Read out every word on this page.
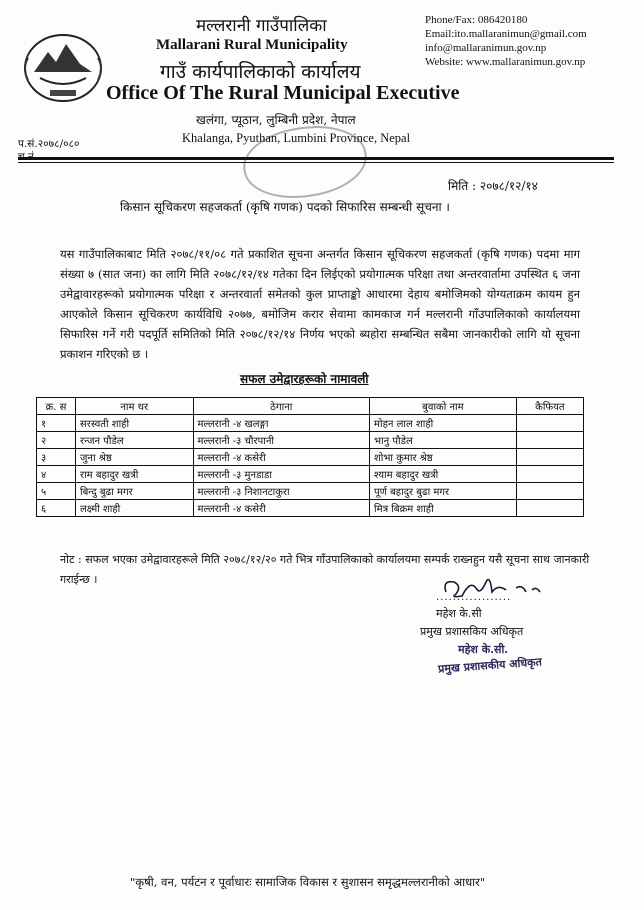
मल्लरानी गाउँपालिका
Mallarani Rural Municipality
गाउँ कार्यपालिकाको कार्यालय
Office Of The Rural Municipal Executive
खलंगा, प्यूठान, लुम्बिनी प्रदेश, नेपाल
Khalanga, Pyuthan, Lumbini Province, Nepal
Phone/Fax: 086420180
Email:ito.mallaranimun@gmail.com
info@mallaranimun.gov.np
Website: www.mallaranimun.gov.np
प.सं.२०७८/०८०
मिति : २०७८/१२/१४
किसान सूचिकरण सहजकर्ता (कृषि गणक) पदको सिफारिस सम्बन्धी सूचना ।
यस गाउँपालिकाबाट मिति २०७८/११/०८ गते प्रकाशित सूचना अन्तर्गत किसान सूचिकरण सहजकर्ता (कृषि गणक) पदमा माग संख्या ७ (सात जना) का लागि मिति २०७८/१२/१४ गतेका दिन लिईएको प्रयोगात्मक परिक्षा तथा अन्तरवार्तामा उपस्थित ६ जना उमेद्वावारहरूको प्रयोगात्मक परिक्षा र अन्तरवार्ता समेतको कुल प्राप्ताङ्को आधारमा देहाय बमोजिमको योग्यताक्रम कायम हुन आएकोले किसान सूचिकरण कार्यविधि २०७७, बमोजिम करार सेवामा कामकाज गर्न मल्लरानी गाँउपालिकाको कार्यालयमा सिफारिस गर्ने गरी पदपूर्ति समितिको मिति २०७८/१२/१४ निर्णय भएको ब्यहोरा सम्बन्धित सबैमा जानकारीको लागि यो सूचना प्रकाशन गरिएको छ ।
सफल उमेद्वारहरूको नामावली
क्र. स	नाम थर	ठेगाना	बुवाको नाम	कैफियत
१	सरस्वती शाही	मल्लरानी -४ खलङ्गा	मोहन लाल शाही	
२	रन्जन पौडेल	मल्लरानी -३ चौरपानी	भानु पौडेल	
३	जुना श्रेष्ठ	मल्लरानी -४ कसेरी	शोभा कुमार श्रेष्ठ	
४	राम बहादुर खत्री	मल्लरानी -३ मुनडाडा	श्याम बहादुर खत्री	
५	बिन्दु बुढा मगर	मल्लरानी -३ निशानटाकुरा	पूर्ण बहादुर बुढा मगर	
६	लक्ष्मी शाही	मल्लरानी -४ कसेरी	मित्र बिक्रम शाही	
नोट : सफल भएका उमेद्वावारहरूले मिति २०७८/१२/२० गते भित्र गाँउपालिकाको कार्यालयमा सम्पर्क राख्नहुन यसै सूचना साथ जानकारी गराईन्छ ।
..................
महेश के.सी
प्रमुख प्रशासकिय अधिकृत
महेश के.सी.
प्रमुख प्रशासकीय अधिकृत
"कृषी, वन, पर्यटन र पूर्वाधारः सामाजिक विकास र सुशासन समृद्धमल्लरानीको आधार"
